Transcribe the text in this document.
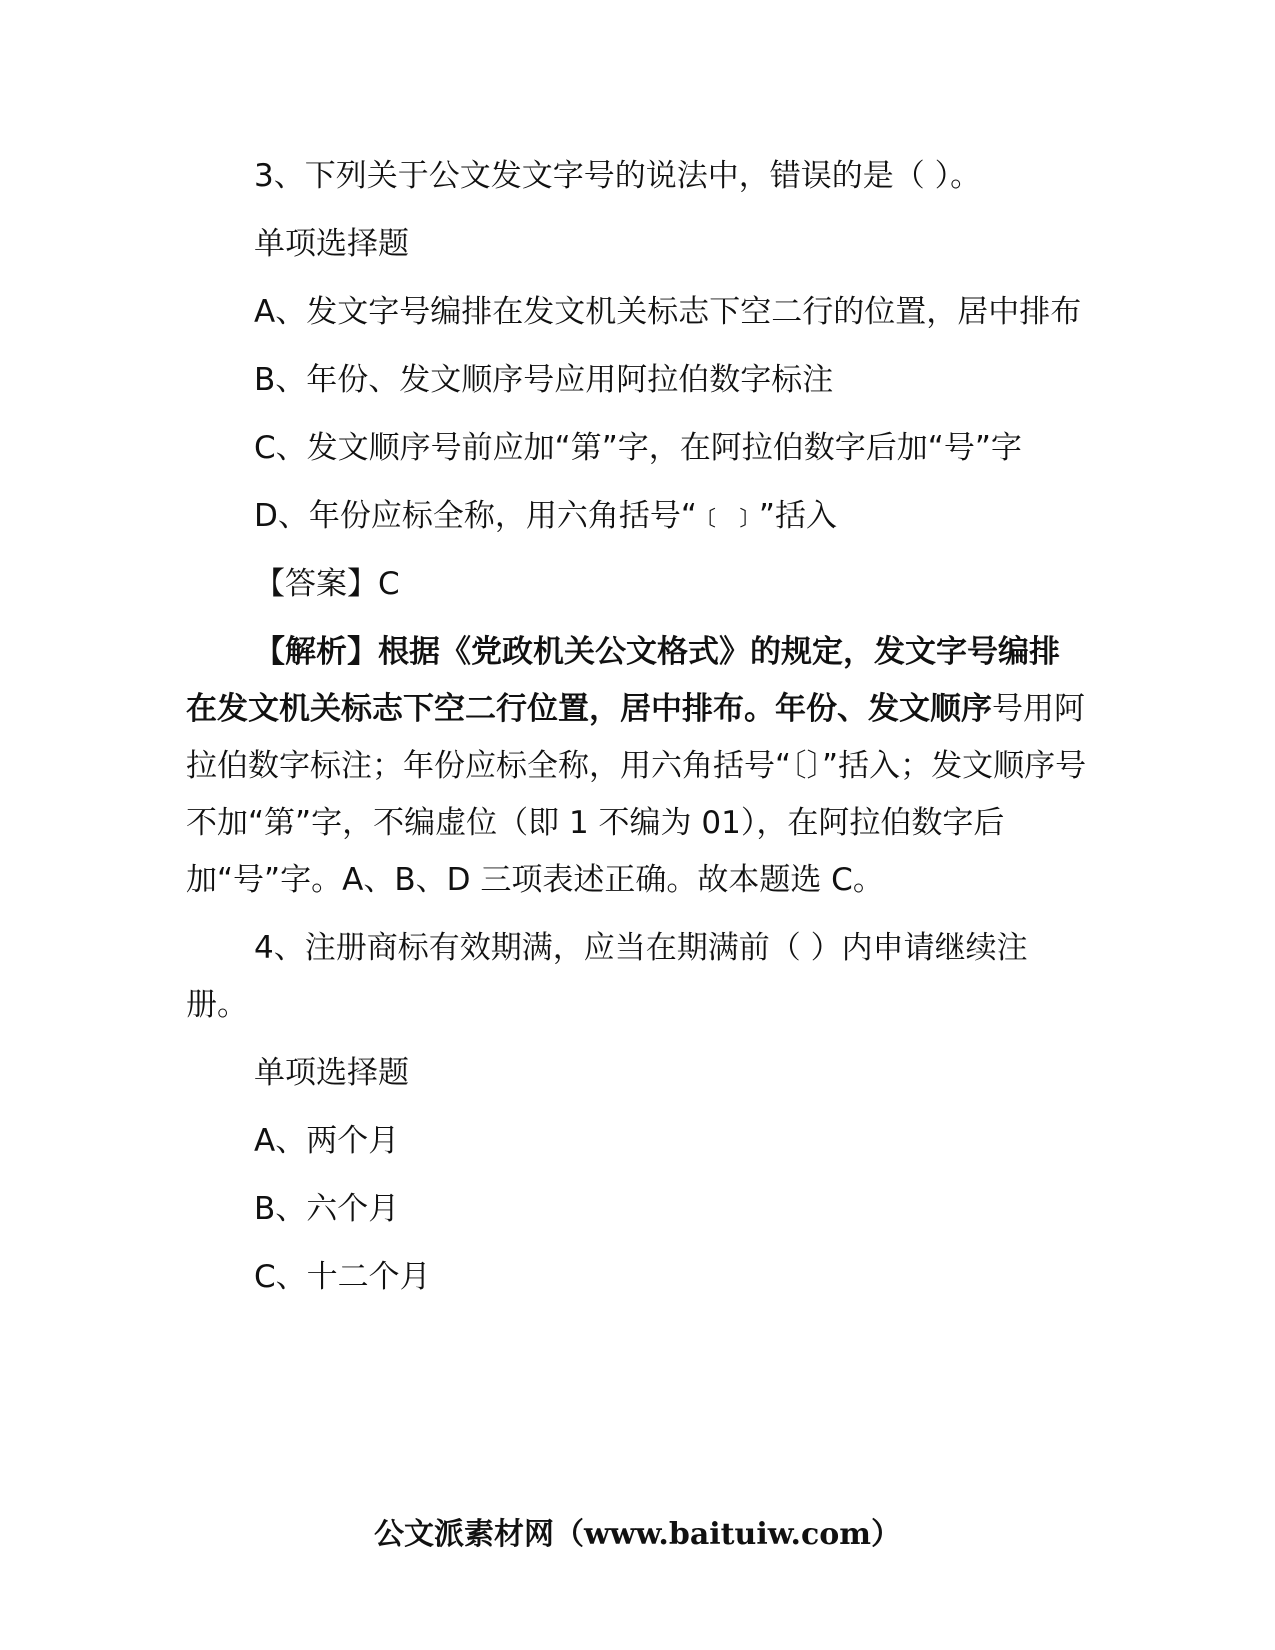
3、下列关于公文发文字号的说法中，错误的是（ ）。

单项选择题

A、发文字号编排在发文机关标志下空二行的位置，居中排布

B、年份、发文顺序号应用阿拉伯数字标注

C、发文顺序号前应加“第”字，在阿拉伯数字后加“号”字

D、年份应标全称，用六角括号“﹝﹞”括入

【答案】C

【解析】根据《党政机关公文格式》的规定，发文字号编排在发文机关标志下空二行位置，居中排布。年份、发文顺序号用阿拉伯数字标注；年份应标全称，用六角括号“〔〕”括入；发文顺序号不加“第”字，不编虚位（即 1 不编为 01），在阿拉伯数字后加“号”字。A、B、D 三项表述正确。故本题选 C。

4、注册商标有效期满，应当在期满前（ ）内申请继续注册。

单项选择题

A、两个月

B、六个月

C、十二个月

公文派素材网（www.baituiw.com）
